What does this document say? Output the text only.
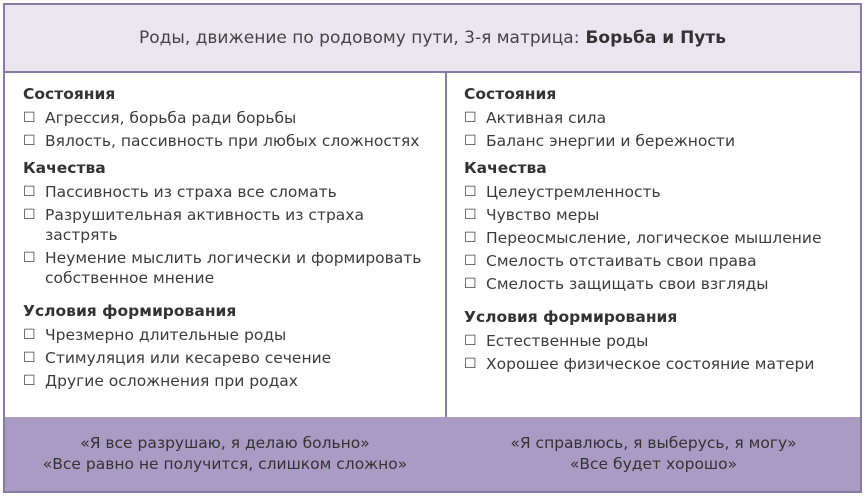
Роды, движение по родовому пути, 3-я матрица: Борьба и Путь
Состояния
☐ Агрессия, борьба ради борьбы
☐ Вялость, пассивность при любых сложностях
Качества
☐ Пассивность из страха все сломать
☐ Разрушительная активность из страха застрять
☐ Неумение мыслить логически и формировать собственное мнение
Условия формирования
☐ Чрезмерно длительные роды
☐ Стимуляция или кесарево сечение
☐ Другие осложнения при родах
Состояния
☐ Активная сила
☐ Баланс энергии и бережности
Качества
☐ Целеустремленность
☐ Чувство меры
☐ Переосмысление, логическое мышление
☐ Смелость отстаивать свои права
☐ Смелость защищать свои взгляды
Условия формирования
☐ Естественные роды
☐ Хорошее физическое состояние матери
«Я все разрушаю, я делаю больно»
«Все равно не получится, слишком сложно»
«Я справлюсь, я выберусь, я могу»
«Все будет хорошо»
